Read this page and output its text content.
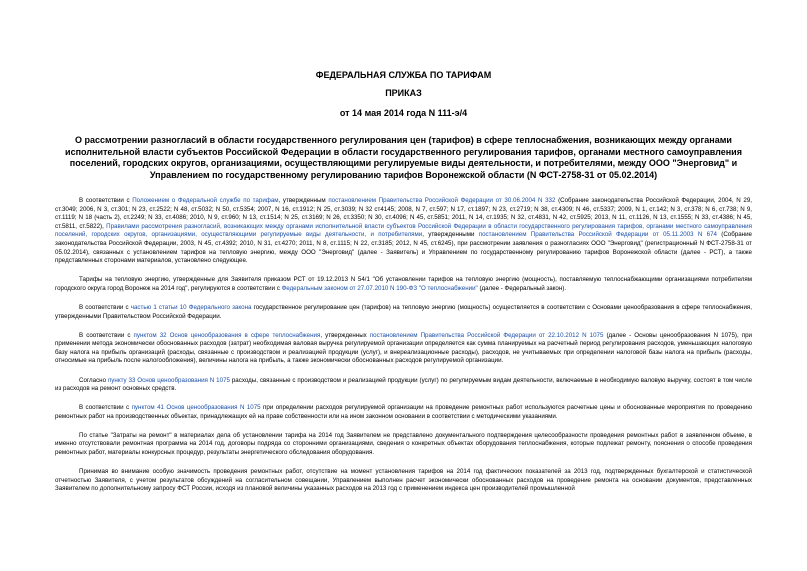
ФЕДЕРАЛЬНАЯ СЛУЖБА ПО ТАРИФАМ
ПРИКАЗ
от 14 мая 2014 года N 111-э/4
О рассмотрении разногласий в области государственного регулирования цен (тарифов) в сфере теплоснабжения, возникающих между органами исполнительной власти субъектов Российской Федерации в области государственного регулирования тарифов, органами местного самоуправления поселений, городских округов, организациями, осуществляющими регулируемые виды деятельности, и потребителями, между ООО "Энерговид" и Управлением по государственному регулированию тарифов Воронежской области (N ФСТ-2758-31 от 05.02.2014)

В соответствии с Положением о Федеральной службе по тарифам, утвержденным постановлением Правительства Российской Федерации от 30.06.2004 N 332 (Собрание законодательства Российской Федерации, 2004, N 29, ст.3049; 2006, N 3, ст.301; N 23, ст.2522; N 48, ст.5032; N 50, ст.5354; 2007, N 16, ст.1912; N 25, ст.3039; N 32 ст4145; 2008, N 7, ст.597; N 17, ст.1897; N 23, ст.2719; N 38, ст.4309; N 46, ст.5337; 2009, N 1, ст.142; N 3, ст.378; N 6, ст.738; N 9, ст.1119; N 18 (часть 2), ст.2249; N 33, ст.4086; 2010, N 9, ст.960; N 13, ст.1514; N 25, ст.3169; N 26, ст.3350; N 30, ст.4096; N 45, ст.5851; 2011, N 14, ст.1935; N 32, ст.4831, N 42, ст.5925; 2013, N 11, ст.1126, N 13, ст.1555; N 33, ст.4386; N 45, ст.5811, ст.5822), Правилами рассмотрения разногласий, возникающих между органами исполнительной власти субъектов Российской Федерации в области государственного регулирования тарифов, органами местного самоуправления поселений, городских округов, организациями, осуществляющими регулируемые виды деятельности, и потребителями, утвержденными постановлением Правительства Российской Федерации от 05.11.2003 N 674 (Собрание законодательства Российской Федерации, 2003, N 45, ст.4392; 2010, N 31, ст.4270; 2011, N 8, ст.1115; N 22, ст.3185; 2012, N 45, ст.6245), при рассмотрении заявления о разногласиях ООО "Энерговид" (регистрационный N ФСТ-2758-31 от 05.02.2014), связанных с установлением тарифов на тепловую энергию, между ООО "Энерговид" (далее - Заявитель) и Управлением по государственному регулированию тарифов Воронежской области (далее - РСТ), а также представленных сторонами материалов, установлено следующее.

Тарифы на тепловую энергию, утвержденные для Заявителя приказом РСТ от 19.12.2013 N 54/1 "Об установлении тарифов на тепловую энергию (мощность), поставляемую теплоснабжающими организациями потребителям городского округа город Воронеж на 2014 год", регулируются в соответствии с Федеральным законом от 27.07.2010 N 190-ФЗ "О теплоснабжении" (далее - Федеральный закон).

В соответствии с частью 1 статьи 10 Федерального закона государственное регулирование цен (тарифов) на тепловую энергию (мощность) осуществляется в соответствии с Основами ценообразования в сфере теплоснабжения, утвержденными Правительством Российской Федерации.

В соответствии с пунктом 32 Основ ценообразования в сфере теплоснабжения, утвержденных постановлением Правительства Российской Федерации от 22.10.2012 N 1075 (далее - Основы ценообразования N 1075), при применении метода экономически обоснованных расходов (затрат) необходимая валовая выручка регулируемой организации определяется как сумма планируемых на расчетный период регулирования расходов, уменьшающих налоговую базу налога на прибыль организаций (расходы, связанные с производством и реализацией продукции (услуг), и внереализационные расходы), расходов, не учитываемых при определении налоговой базы налога на прибыль (расходы, относимые на прибыль после налогообложения), величины налога на прибыль, а также экономически обоснованных расходов регулируемой организации.

Согласно пункту 33 Основ ценообразования N 1075 расходы, связанные с производством и реализацией продукции (услуг) по регулируемым видам деятельности, включаемые в необходимую валовую выручку, состоят в том числе из расходов на ремонт основных средств.

В соответствии с пунктом 41 Основ ценообразования N 1075 при определении расходов регулируемой организации на проведение ремонтных работ используются расчетные цены и обоснованные мероприятия по проведению ремонтных работ на производственных объектах, принадлежащих ей на праве собственности или на ином законном основании в соответствии с методическими указаниями.

По статье "Затраты на ремонт" в материалах дела об установлении тарифа на 2014 год Заявителем не представлено документального подтверждения целесообразности проведения ремонтных работ в заявленном объеме, в именно отсутствовали ремонтная программа на 2014 год, договоры подряда со сторонними организациями, сведения о конкретных объектах оборудования теплоснабжения, которые подлежат ремонту, пояснения о способе проведения ремонтных работ, материалы конкурсных процедур, результаты энергетического обследования оборудования.

Принимая во внимание особую значимость проведения ремонтных работ, отсутствие на момент установления тарифов на 2014 год фактических показателей за 2013 год, подтвержденных бухгалтерской и статистической отчетностью Заявителя, с учетом результатов обсуждений на согласительном совещании, Управлением выполнен расчет экономически обоснованных расходов на проведение ремонта на основании документов, представленных Заявителем по дополнительному запросу ФСТ России, исходя из плановой величины указанных расходов на 2013 год с применением индекса цен производителей промышленной
